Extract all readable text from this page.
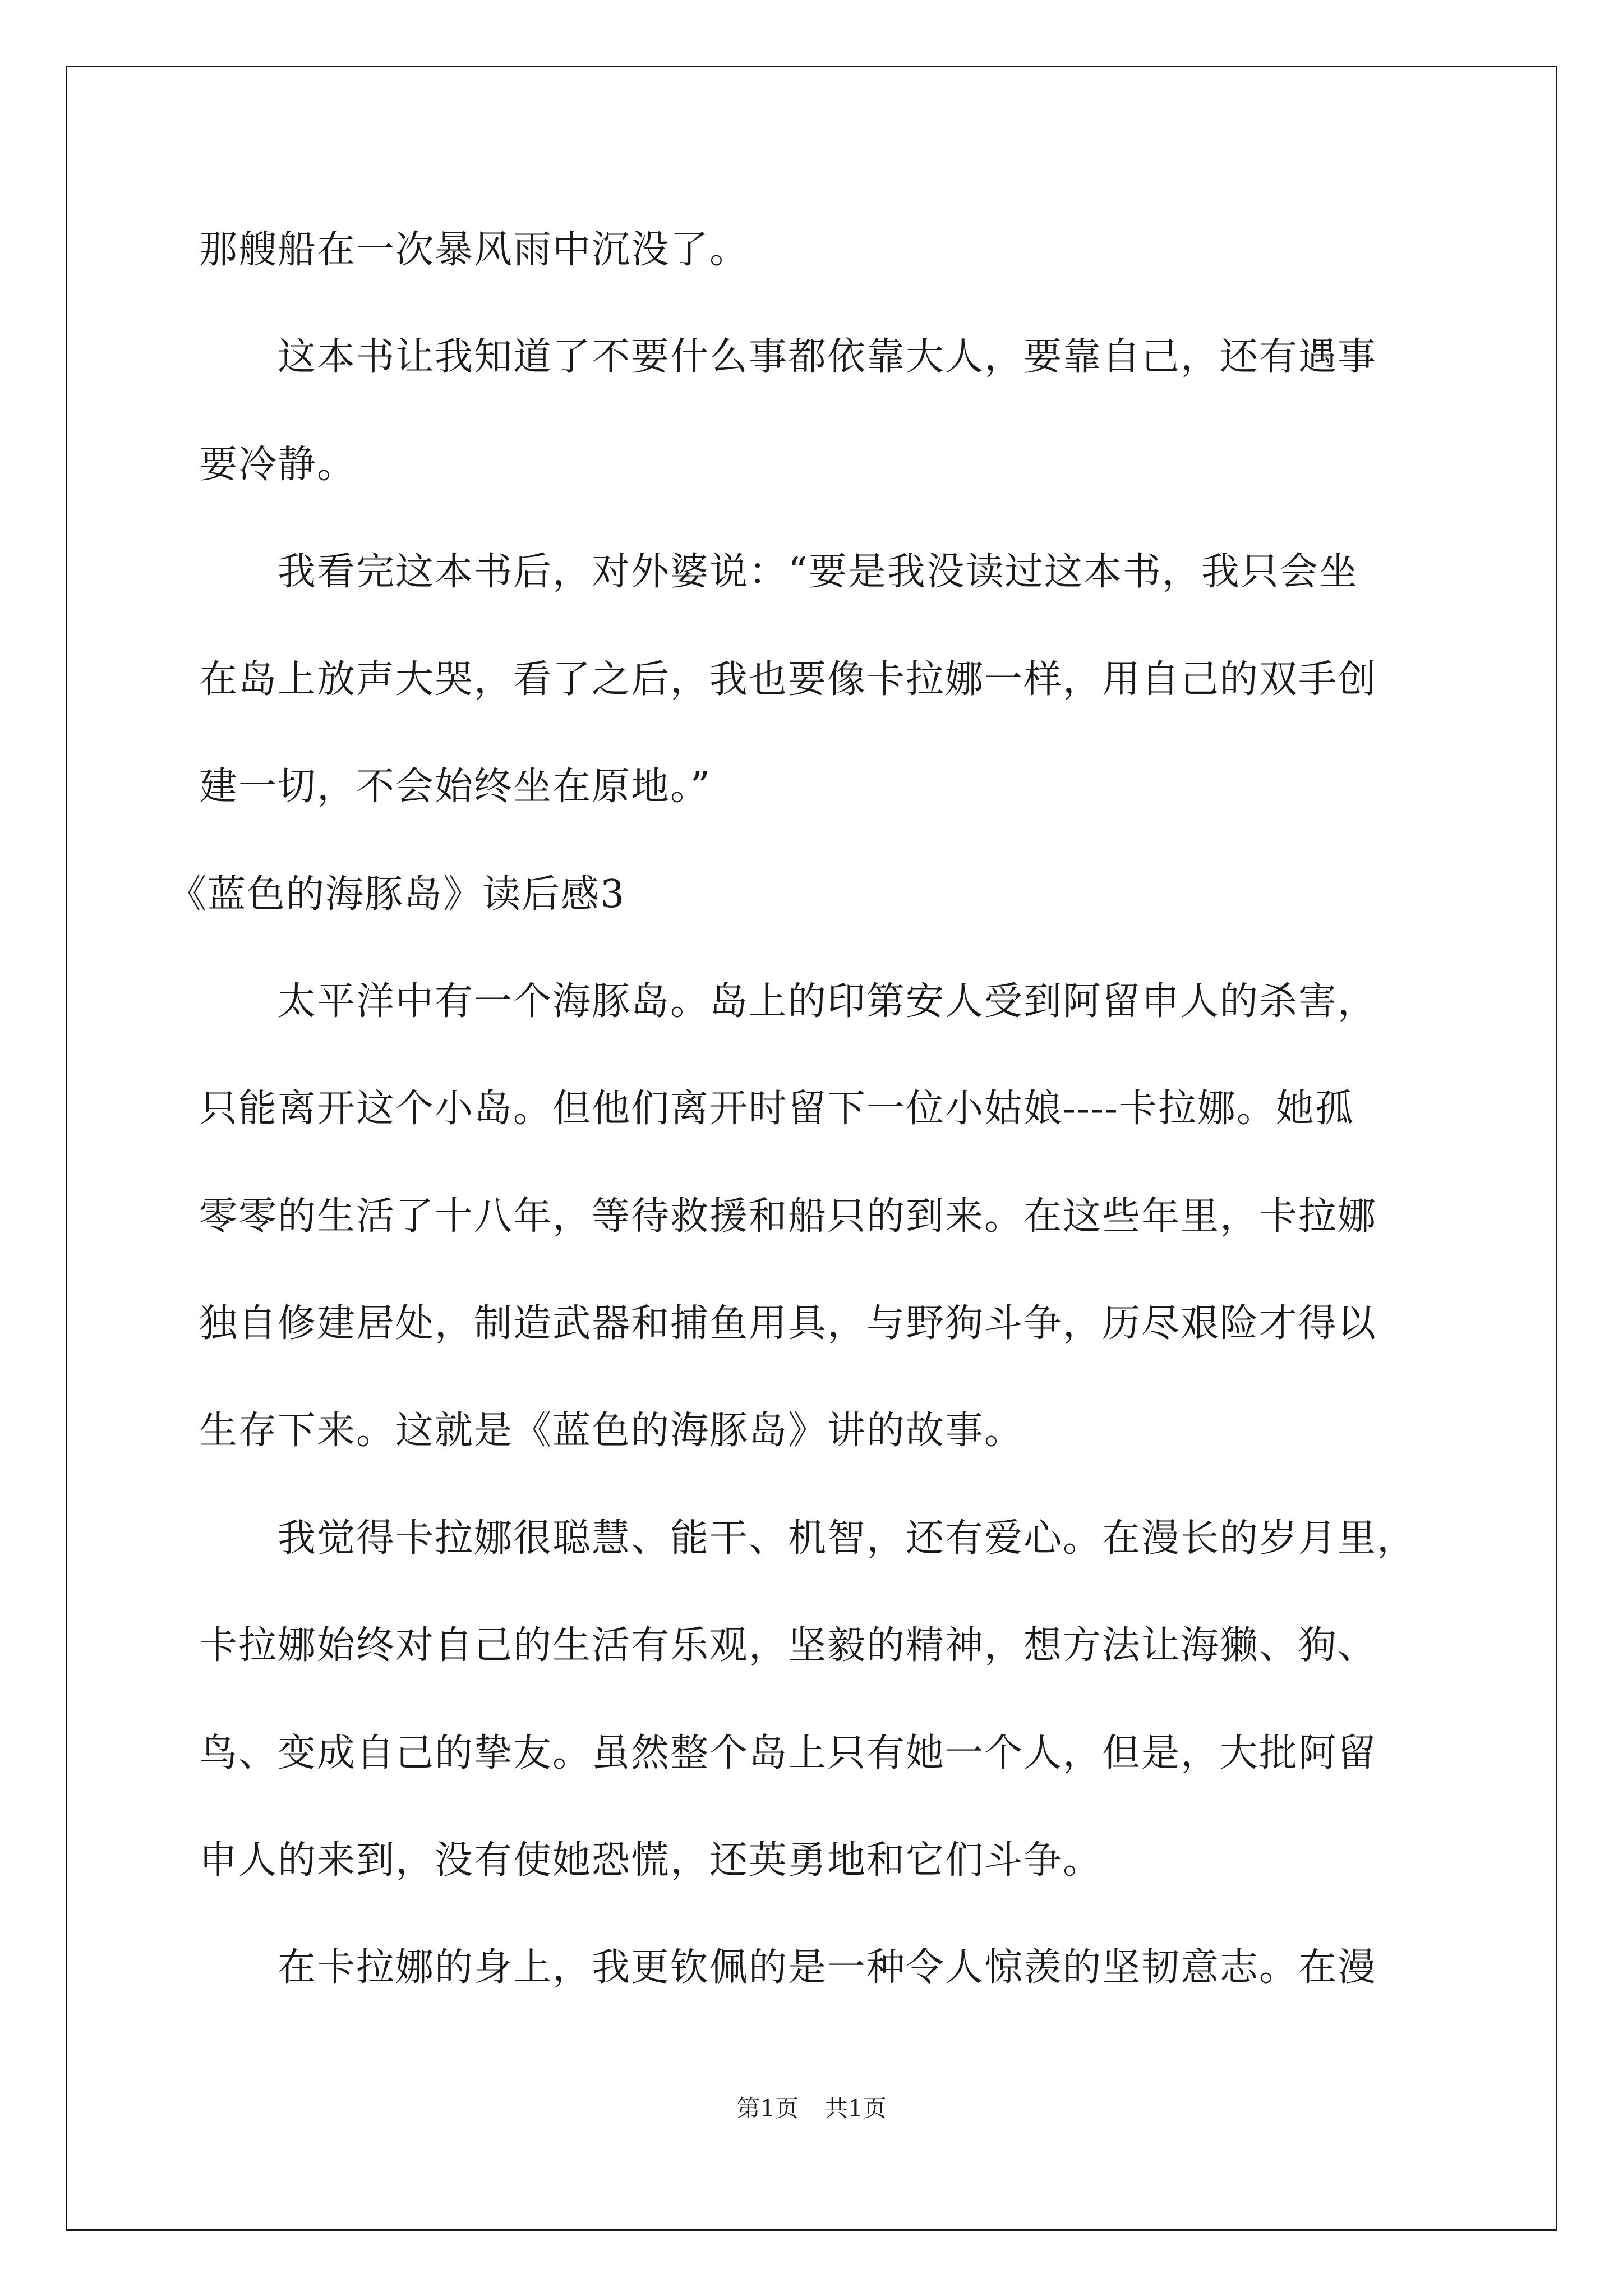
那艘船在一次暴风雨中沉没了。
　　这本书让我知道了不要什么事都依靠大人，要靠自己，还有遇事
要冷静。
　　我看完这本书后，对外婆说：“要是我没读过这本书，我只会坐
在岛上放声大哭，看了之后，我也要像卡拉娜一样，用自己的双手创
建一切，不会始终坐在原地。”
《蓝色的海豚岛》读后感3
　　太平洋中有一个海豚岛。岛上的印第安人受到阿留申人的杀害，
只能离开这个小岛。但他们离开时留下一位小姑娘----卡拉娜。她孤
零零的生活了十八年，等待救援和船只的到来。在这些年里，卡拉娜
独自修建居处，制造武器和捕鱼用具，与野狗斗争，历尽艰险才得以
生存下来。这就是《蓝色的海豚岛》讲的故事。
　　我觉得卡拉娜很聪慧、能干、机智，还有爱心。在漫长的岁月里，
卡拉娜始终对自己的生活有乐观，坚毅的精神，想方法让海獭、狗、
鸟、变成自己的挚友。虽然整个岛上只有她一个人，但是，大批阿留
申人的来到，没有使她恐慌，还英勇地和它们斗争。
　　在卡拉娜的身上，我更钦佩的是一种令人惊羡的坚韧意志。在漫
第1页 共1页
